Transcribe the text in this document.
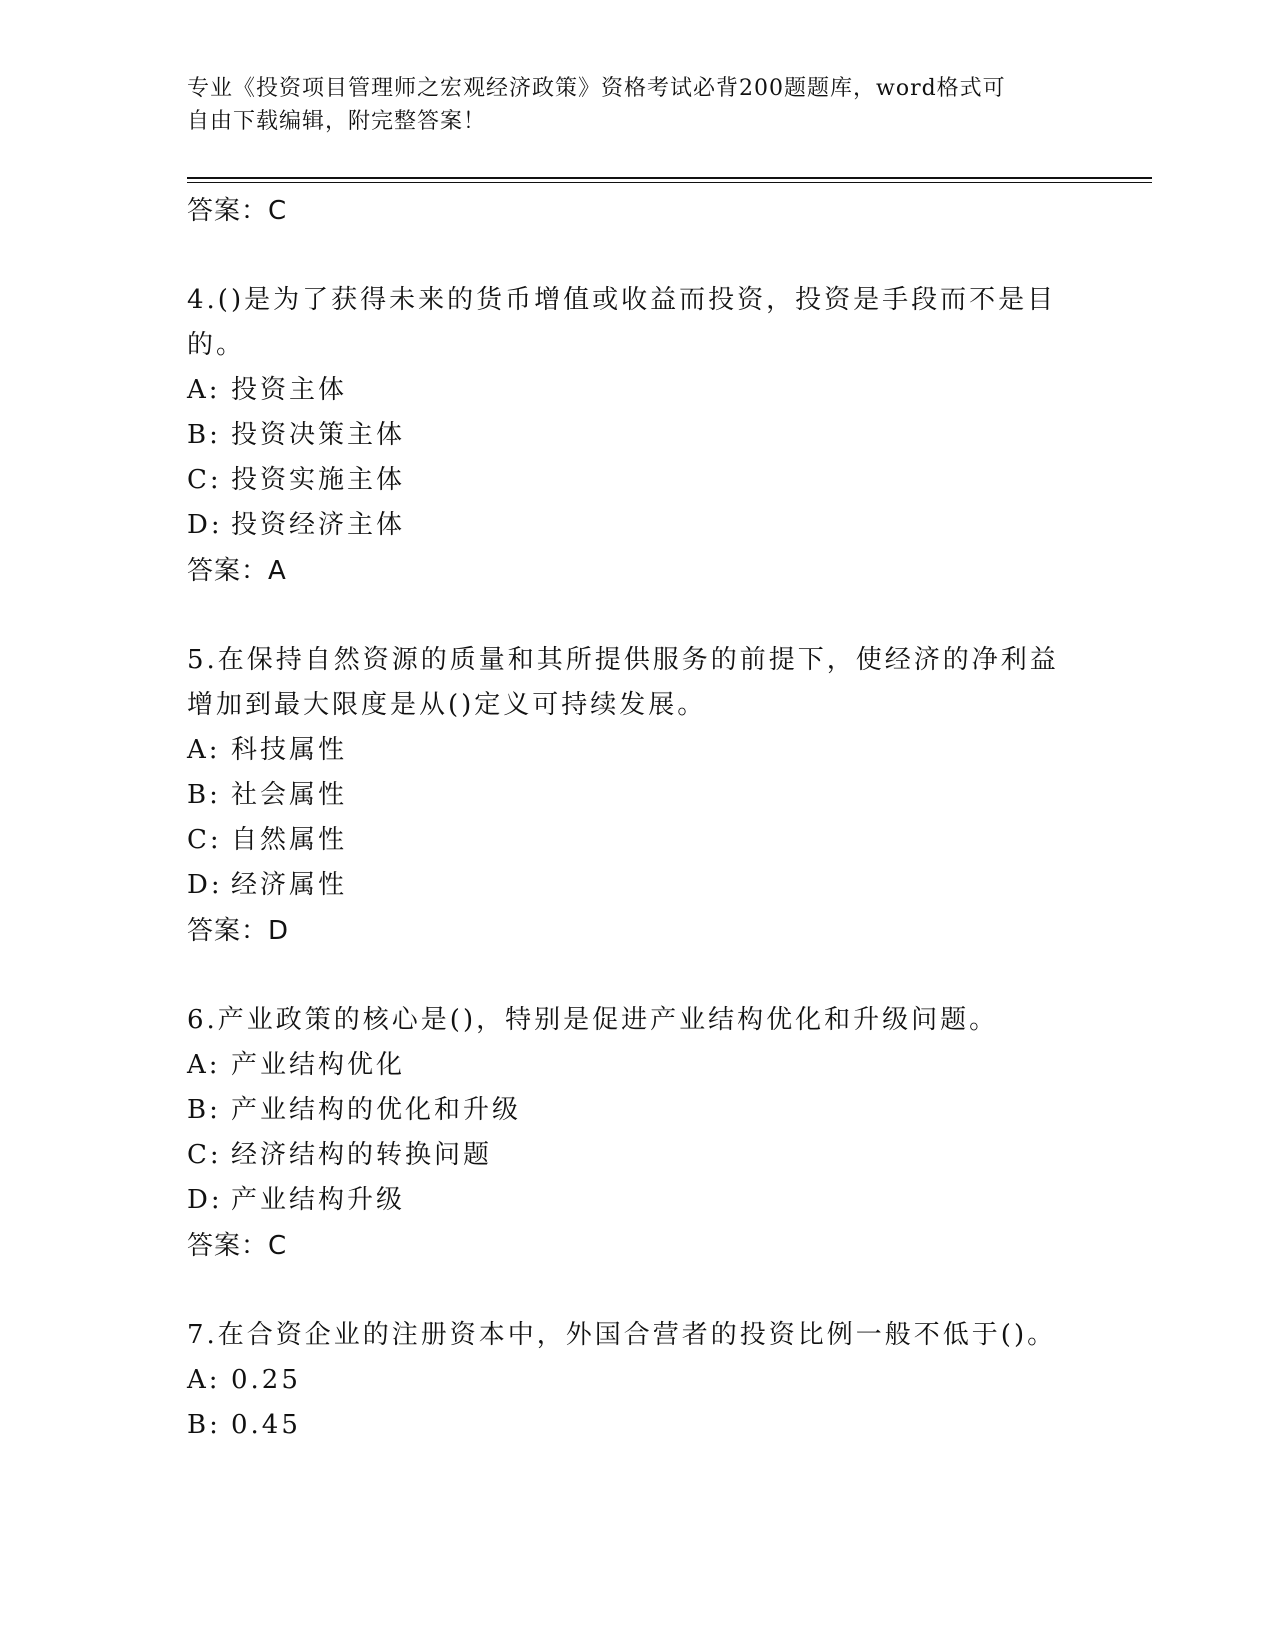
专业《投资项目管理师之宏观经济政策》资格考试必背200题题库，word格式可
自由下载编辑，附完整答案！
答案：C
4.()是为了获得未来的货币增值或收益而投资，投资是手段而不是目的。
A: 投资主体
B: 投资决策主体
C: 投资实施主体
D: 投资经济主体
答案：A
5.在保持自然资源的质量和其所提供服务的前提下，使经济的净利益增加到最大限度是从()定义可持续发展。
A: 科技属性
B: 社会属性
C: 自然属性
D: 经济属性
答案：D
6.产业政策的核心是()，特别是促进产业结构优化和升级问题。
A: 产业结构优化
B: 产业结构的优化和升级
C: 经济结构的转换问题
D: 产业结构升级
答案：C
7.在合资企业的注册资本中，外国合营者的投资比例一般不低于()。
A: 0.25
B: 0.45
